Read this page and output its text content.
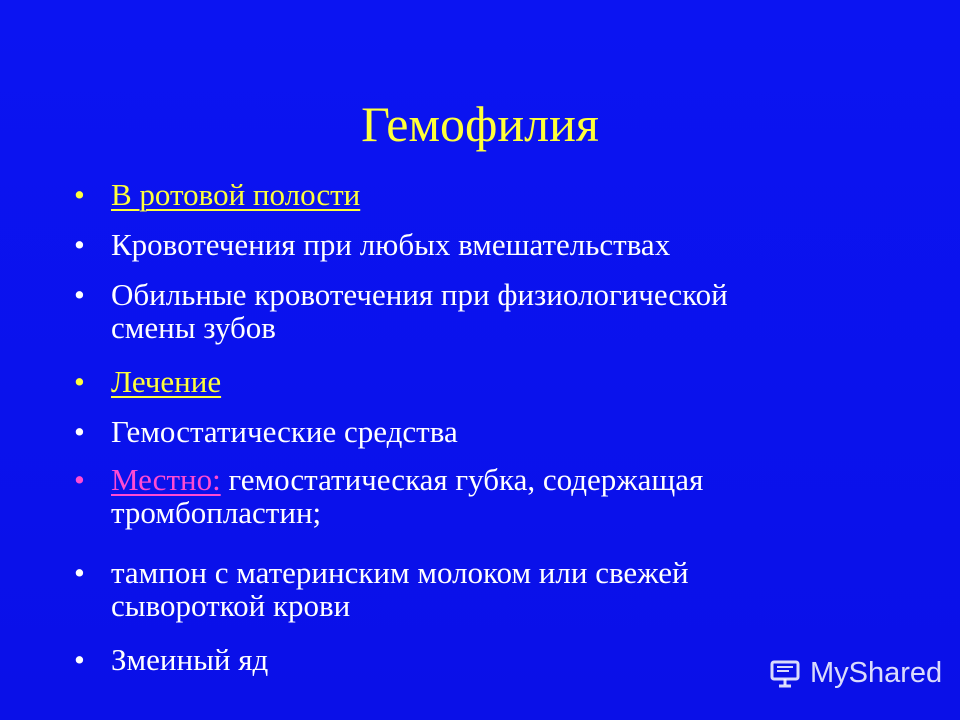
Гемофилия
• В ротовой полости
• Кровотечения при любых вмешательствах
• Обильные кровотечения при физиологической
смены зубов
• Лечение
• Гемостатические средства
• Местно: гемостатическая губка, содержащая
тромбопластин;
• тампон с материнским молоком или свежей
сывороткой крови
• Змеиный яд	MyShared
